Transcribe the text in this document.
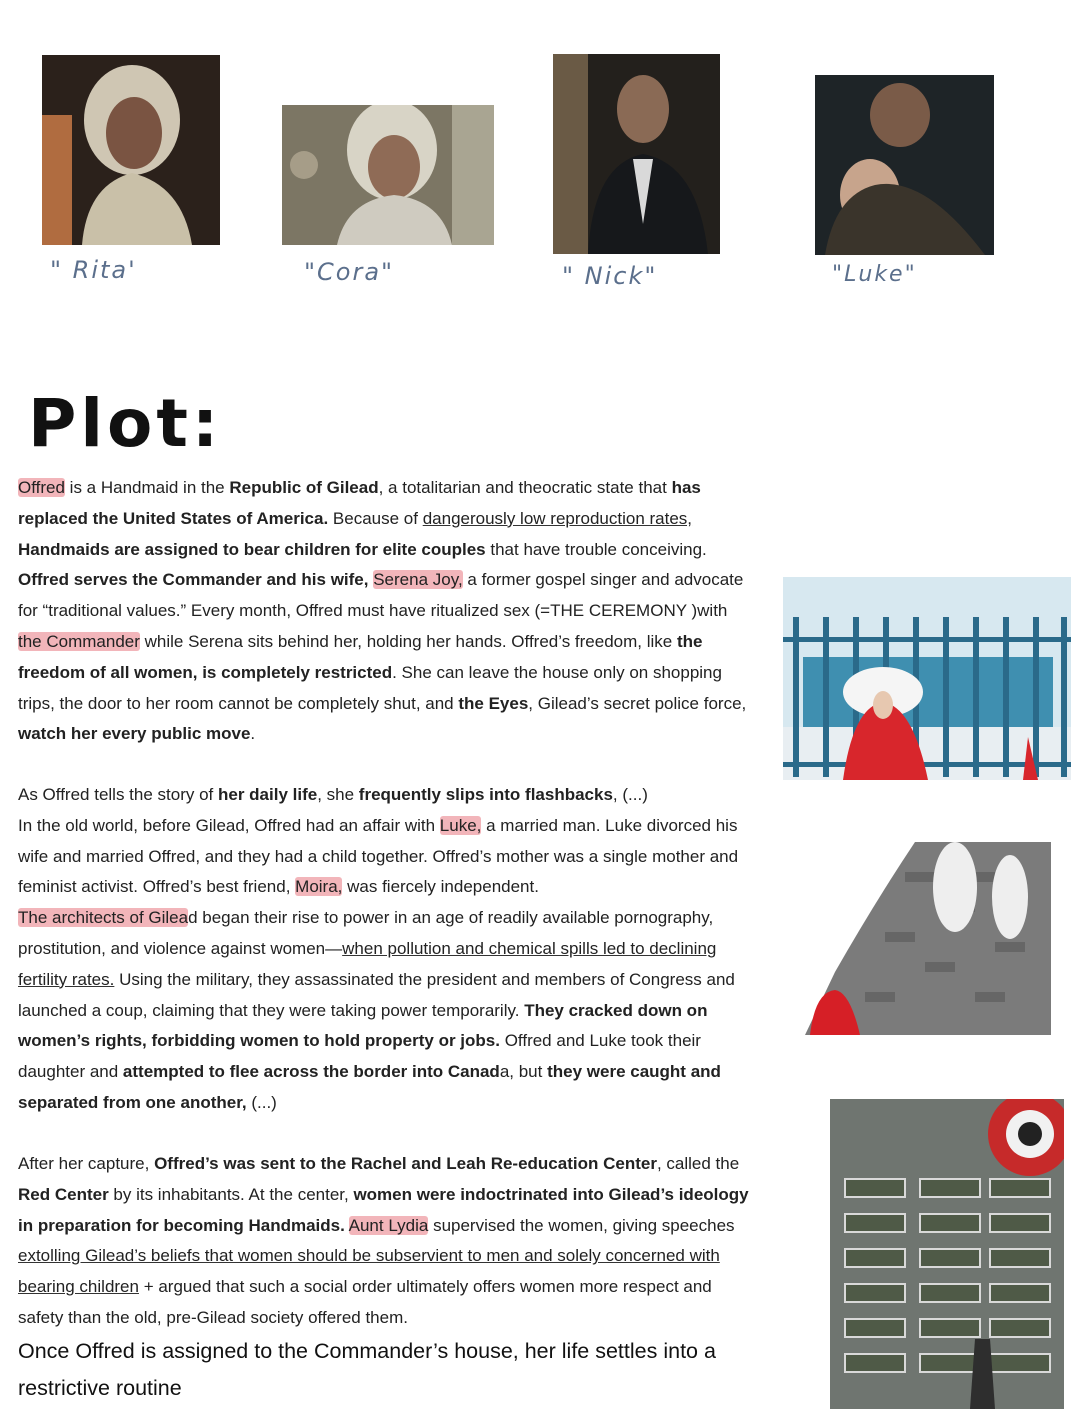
" Rita'	"Cora"	" Nick"	"Luke"
Plot:
Offred is a Handmaid in the Republic of Gilead, a totalitarian and theocratic state that has replaced the United States of America. Because of dangerously low reproduction rates, Handmaids are assigned to bear children for elite couples that have trouble conceiving. Offred serves the Commander and his wife, Serena Joy, a former gospel singer and advocate for “traditional values.” Every month, Offred must have ritualized sex (=THE CEREMONY )with the Commander while Serena sits behind her, holding her hands. Offred’s freedom, like the freedom of all women, is completely restricted. She can leave the house only on shopping trips, the door to her room cannot be completely shut, and the Eyes, Gilead’s secret police force, watch her every public move.
As Offred tells the story of her daily life, she frequently slips into flashbacks, (...)
In the old world, before Gilead, Offred had an affair with Luke, a married man. Luke divorced his wife and married Offred, and they had a child together. Offred’s mother was a single mother and feminist activist. Offred’s best friend, Moira, was fiercely independent.
The architects of Gilead began their rise to power in an age of readily available pornography, prostitution, and violence against women—when pollution and chemical spills led to declining fertility rates. Using the military, they assassinated the president and members of Congress and launched a coup, claiming that they were taking power temporarily. They cracked down on women’s rights, forbidding women to hold property or jobs. Offred and Luke took their daughter and attempted to flee across the border into Canada, but they were caught and separated from one another, (...)
After her capture, Offred’s was sent to the Rachel and Leah Re-education Center, called the Red Center by its inhabitants. At the center, women were indoctrinated into Gilead’s ideology in preparation for becoming Handmaids. Aunt Lydia supervised the women, giving speeches extolling Gilead’s beliefs that women should be subservient to men and solely concerned with bearing children + argued that such a social order ultimately offers women more respect and safety than the old, pre-Gilead society offered them.
Once Offred is assigned to the Commander’s house, her life settles into a restrictive routine
